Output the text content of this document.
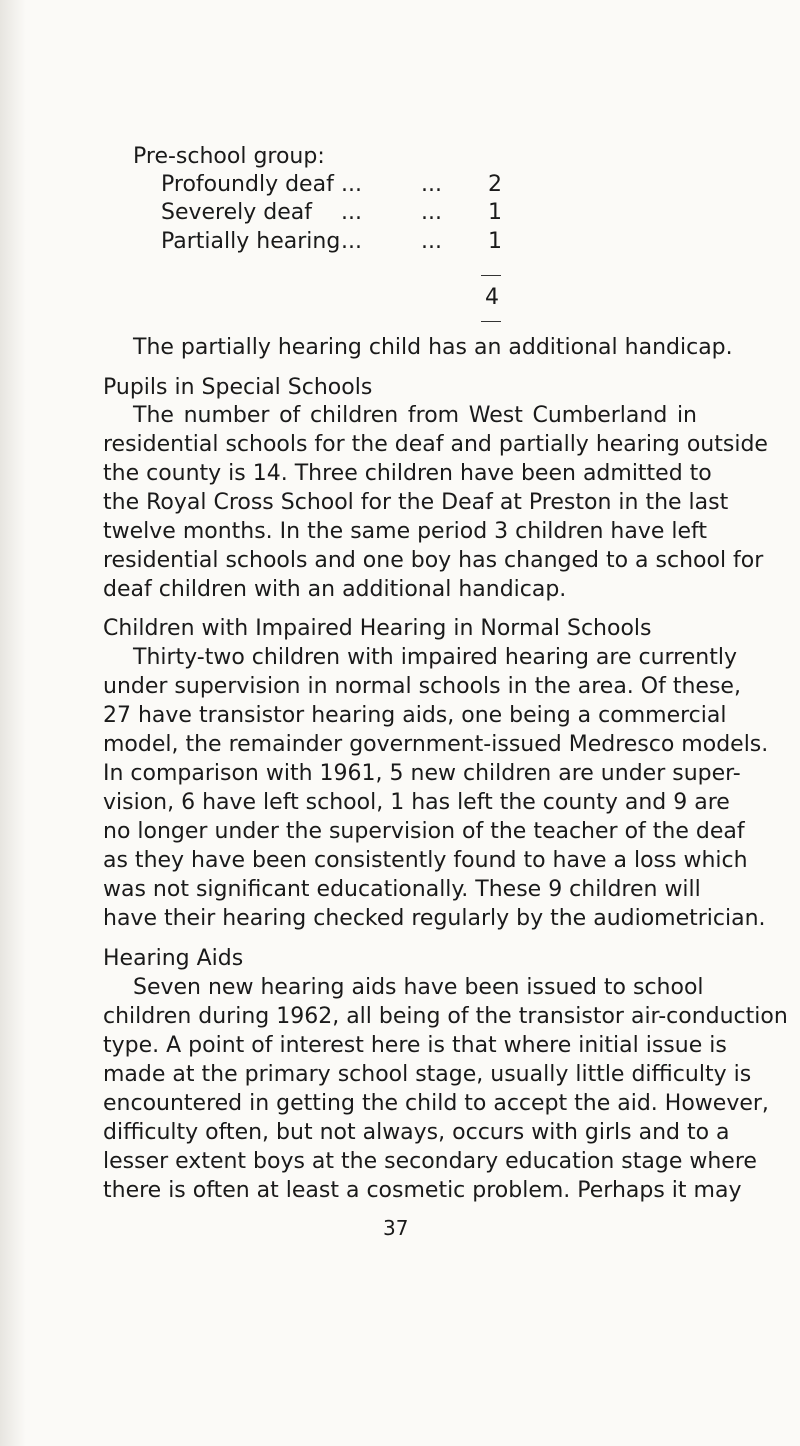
Pre-school group:
Profoundly deaf ...	... 2
Severely deaf ...	... 1
Partially hearing ...	... 1
4
The partially hearing child has an additional handicap.
Pupils in Special Schools
The number of children from West Cumberland in
residential schools for the deaf and partially hearing outside
the county is 14. Three children have been admitted to
the Royal Cross School for the Deaf at Preston in the last
twelve months. In the same period 3 children have left
residential schools and one boy has changed to a school for
deaf children with an additional handicap.
Children with Impaired Hearing in Normal Schools
Thirty-two children with impaired hearing are currently
under supervision in normal schools in the area. Of these,
27 have transistor hearing aids, one being a commercial
model, the remainder government-issued Medresco models.
In comparison with 1961, 5 new children are under super-
vision, 6 have left school, 1 has left the county and 9 are
no longer under the supervision of the teacher of the deaf
as they have been consistently found to have a loss which
was not significant educationally. These 9 children will
have their hearing checked regularly by the audiometrician.
Hearing Aids
Seven new hearing aids have been issued to school
children during 1962, all being of the transistor air-conduction
type. A point of interest here is that where initial issue is
made at the primary school stage, usually little difficulty is
encountered in getting the child to accept the aid. However,
difficulty often, but not always, occurs with girls and to a
lesser extent boys at the secondary education stage where
there is often at least a cosmetic problem. Perhaps it may
37
